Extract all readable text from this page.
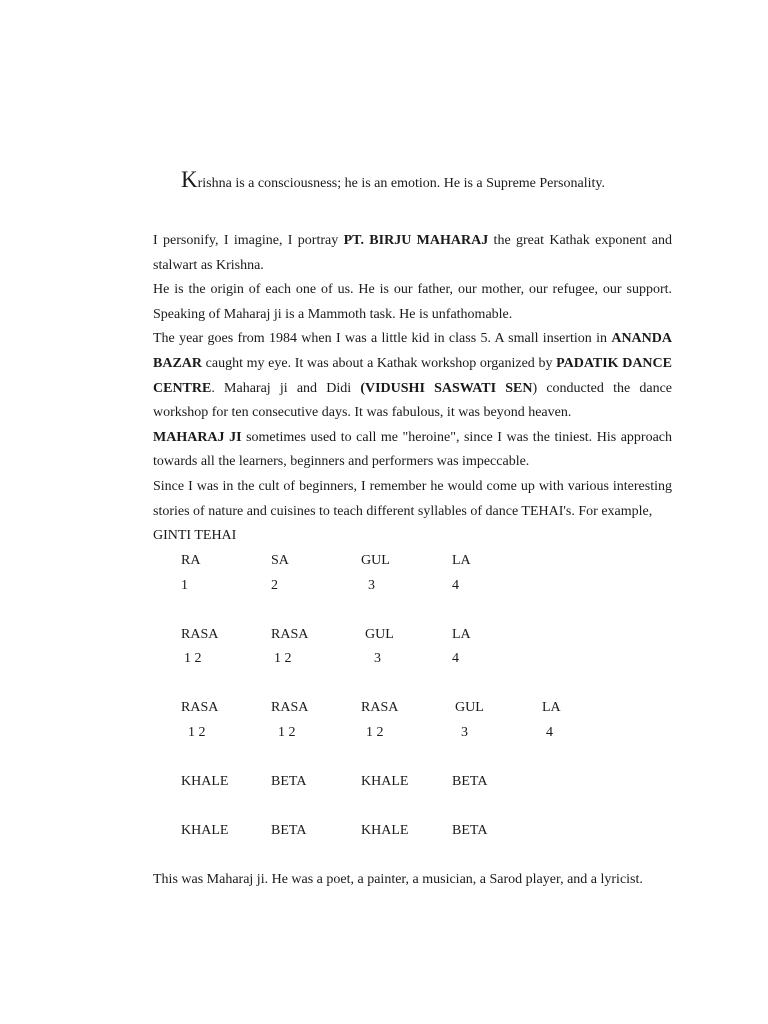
Krishna is a consciousness; he is an emotion. He is a Supreme Personality.

I personify, I imagine, I portray PT. BIRJU MAHARAJ the great Kathak exponent and stalwart as Krishna.

He is the origin of each one of us. He is our father, our mother, our refugee, our support. Speaking of Maharaj ji is a Mammoth task. He is unfathomable.

The year goes from 1984 when I was a little kid in class 5. A small insertion in ANANDA BAZAR caught my eye. It was about a Kathak workshop organized by PADATIK DANCE CENTRE. Maharaj ji and Didi (VIDUSHI SASWATI SEN) conducted the dance workshop for ten consecutive days. It was fabulous, it was beyond heaven.

MAHARAJ JI sometimes used to call me "heroine", since I was the tiniest. His approach towards all the learners, beginners and performers was impeccable.

Since I was in the cult of beginners, I remember he would come up with various interesting stories of nature and cuisines to teach different syllables of dance TEHAI's. For example,

GINTI TEHAI

RA	SA	GUL	LA
1	2	3	4
RASA	RASA	GUL	LA
1 2	1 2	3	4
RASA	RASA	RASA	GUL	LA
1 2	1 2	1 2	3	4
KHALE	BETA	KHALE	BETA
KHALE	BETA	KHALE	BETA
This was Maharaj ji. He was a poet, a painter, a musician, a Sarod player, and a lyricist.
